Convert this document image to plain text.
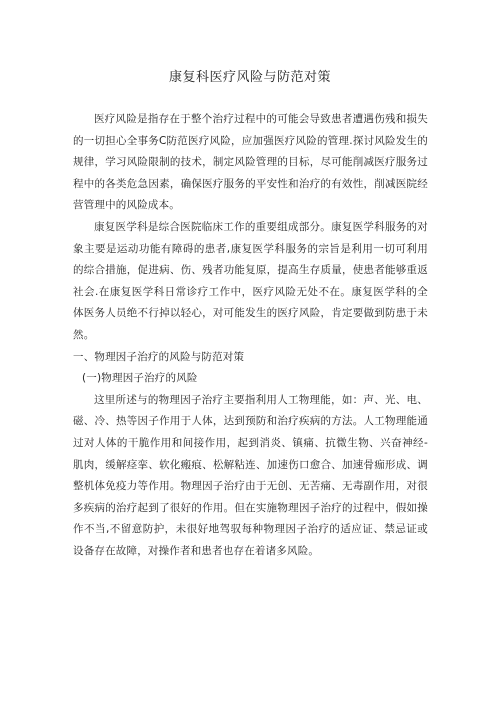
康复科医疗风险与防范对策

医疗风险是指存在于整个治疗过程中的可能会导致患者遭遇伤残和损失的一切担心全事务C防范医疗风险，应加强医疗风险的管理.探讨风险发生的规律，学习风险限制的技术，制定风险管理的目标，尽可能削减医疗服务过程中的各类危急因素，确保医疗服务的平安性和治疗的有效性，削减医院经营管理中的风险成本。

康复医学科是综合医院临床工作的重要组成部分。康复医学科服务的对象主要是运动功能有障碍的患者,康复医学科服务的宗旨是利用一切可利用的综合措施，促进病、伤、残者功能复原，提高生存质量，使患者能够重返社会.在康复医学科日常诊疗工作中，医疗风险无处不在。康复医学科的全体医务人员绝不行掉以轻心，对可能发生的医疗风险，肯定要做到防患于未然。

一、物理因子治疗的风险与防范对策

(一)物理因子治疗的风险

这里所述与的物理因子治疗主要指利用人工物理能，如：声、光、电、磁、冷、热等因子作用于人体，达到预防和治疗疾病的方法。人工物理能通过对人体的干脆作用和间接作用，起到消炎、镇痛、抗微生物、兴奋神经-肌肉，缓解痉挛、软化瘢痕、松解粘连、加速伤口愈合、加速骨痂形成、调整机体免疫力等作用。物理因子治疗由于无创、无苦痛、无毒副作用，对很多疾病的治疗起到了很好的作用。但在实施物理因子治疗的过程中，假如操作不当,不留意防护，未很好地驾驭每种物理因子治疗的适应证、禁忌证或设备存在故障，对操作者和患者也存在着诸多风险。
